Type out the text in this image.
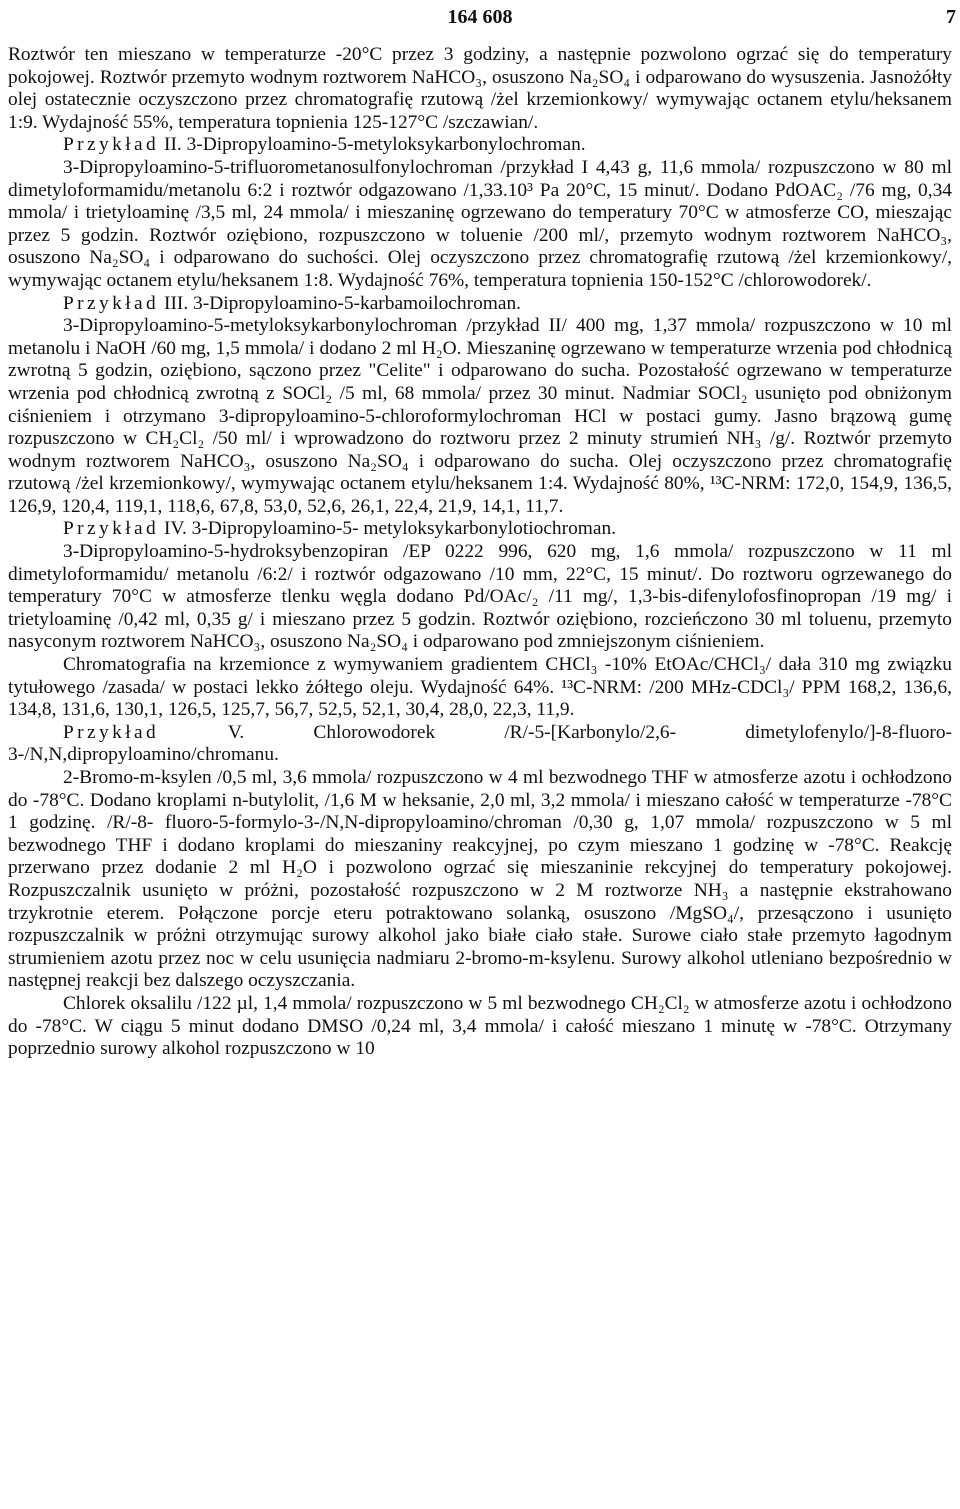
164 608	7

Roztwór ten mieszano w temperaturze -20°C przez 3 godziny, a następnie pozwolono ogrzać się do temperatury pokojowej. Roztwór przemyto wodnym roztworem NaHCO₃, osuszono Na₂SO₄ i odparowano do wysuszenia. Jasnożółty olej ostatecznie oczyszczono przez chromatografię rzutową /żel krzemionkowy/ wymywając octanem etylu/heksanem 1:9. Wydajność 55%, temperatura topnienia 125-127°C /szczawian/.

Przykład II. 3-Dipropyloamino-5-metyloksykarbonylochroman.

3-Dipropyloamino-5-trifluorometanosulfonylochroman /przykład I 4,43 g, 11,6 mmola/ rozpuszczono w 80 ml dimetyloformamidu/metanolu 6:2 i roztwór odgazowano /1,33.10³ Pa 20°C, 15 minut/. Dodano PdOAC₂ /76 mg, 0,34 mmola/ i trietyloaminę /3,5 ml, 24 mmola/ i mieszaninę ogrzewano do temperatury 70°C w atmosferze CO, mieszając przez 5 godzin. Roztwór oziębiono, rozpuszczono w toluenie /200 ml/, przemyto wodnym roztworem NaHCO₃, osuszono Na₂SO₄ i odparowano do suchości. Olej oczyszczono przez chromatografię rzutową /żel krzemionkowy/, wymywając octanem etylu/heksanem 1:8. Wydajność 76%, temperatura topnienia 150-152°C /chlorowodorek/.

Przykład III. 3-Dipropyloamino-5-karbamoilochroman.

3-Dipropyloamino-5-metyloksykarbonylochroman /przykład II/ 400 mg, 1,37 mmola/ rozpuszczono w 10 ml metanolu i NaOH /60 mg, 1,5 mmola/ i dodano 2 ml H₂O. Mieszaninę ogrzewano w temperaturze wrzenia pod chłodnicą zwrotną 5 godzin, oziębiono, sączono przez "Celite" i odparowano do sucha. Pozostałość ogrzewano w temperaturze wrzenia pod chłodnicą zwrotną z SOCl₂ /5 ml, 68 mmola/ przez 30 minut. Nadmiar SOCl₂ usunięto pod obniżonym ciśnieniem i otrzymano 3-dipropyloamino-5-chloroformylochroman HCl w postaci gumy. Jasno brązową gumę rozpuszczono w CH₂Cl₂ /50 ml/ i wprowadzono do roztworu przez 2 minuty strumień NH₃ /g/. Roztwór przemyto wodnym roztworem NaHCO₃, osuszono Na₂SO₄ i odparowano do sucha. Olej oczyszczono przez chromatografię rzutową /żel krzemionkowy/, wymywając octanem etylu/heksanem 1:4. Wydajność 80%, ¹³C-NRM: 172,0, 154,9, 136,5, 126,9, 120,4, 119,1, 118,6, 67,8, 53,0, 52,6, 26,1, 22,4, 21,9, 14,1, 11,7.

Przykład IV. 3-Dipropyloamino-5- metyloksykarbonylotiochroman.

3-Dipropyloamino-5-hydroksybenzopiran /EP 0222 996, 620 mg, 1,6 mmola/ rozpuszczono w 11 ml dimetyloformamidu/ metanolu /6:2/ i roztwór odgazowano /10 mm, 22°C, 15 minut/. Do roztworu ogrzewanego do temperatury 70°C w atmosferze tlenku węgla dodano Pd/OAc/₂ /11 mg/, 1,3-bis-difenylofosfinopropan /19 mg/ i trietyloaminę /0,42 ml, 0,35 g/ i mieszano przez 5 godzin. Roztwór oziębiono, rozcieńczono 30 ml toluenu, przemyto nasyconym roztworem NaHCO₃, osuszono Na₂SO₄ i odparowano pod zmniejszonym ciśnieniem.

Chromatografia na krzemionce z wymywaniem gradientem CHCl₃ -10% EtOAc/CHCl₃/ dała 310 mg związku tytułowego /zasada/ w postaci lekko żółtego oleju. Wydajność 64%. ¹³C-NRM: /200 MHz-CDCl₃/ PPM 168,2, 136,6, 134,8, 131,6, 130,1, 126,5, 125,7, 56,7, 52,5, 52,1, 30,4, 28,0, 22,3, 11,9.

Przykład V. Chlorowodorek /R/-5-[Karbonylo/2,6- dimetylofenylo/]-8-fluoro-3-/N,N,dipropyloamino/chromanu.

2-Bromo-m-ksylen /0,5 ml, 3,6 mmola/ rozpuszczono w 4 ml bezwodnego THF w atmosferze azotu i ochłodzono do -78°C. Dodano kroplami n-butylolit, /1,6 M w heksanie, 2,0 ml, 3,2 mmola/ i mieszano całość w temperaturze -78°C 1 godzinę. /R/-8- fluoro-5-formylo-3-/N,N-dipropyloamino/chroman /0,30 g, 1,07 mmola/ rozpuszczono w 5 ml bezwodnego THF i dodano kroplami do mieszaniny reakcyjnej, po czym mieszano 1 godzinę w -78°C. Reakcję przerwano przez dodanie 2 ml H₂O i pozwolono ogrzać się mieszaninie rekcyjnej do temperatury pokojowej. Rozpuszczalnik usunięto w próżni, pozostałość rozpuszczono w 2 M roztworze NH₃ a następnie ekstrahowano trzykrotnie eterem. Połączone porcje eteru potraktowano solanką, osuszono /MgSO₄/, przesączono i usunięto rozpuszczalnik w próżni otrzymując surowy alkohol jako białe ciało stałe. Surowe ciało stałe przemyto łagodnym strumieniem azotu przez noc w celu usunięcia nadmiaru 2-bromo-m-ksylenu. Surowy alkohol utleniano bezpośrednio w następnej reakcji bez dalszego oczyszczania.

Chlorek oksalilu /122 µl, 1,4 mmola/ rozpuszczono w 5 ml bezwodnego CH₂Cl₂ w atmosferze azotu i ochłodzono do -78°C. W ciągu 5 minut dodano DMSO /0,24 ml, 3,4 mmola/ i całość mieszano 1 minutę w -78°C. Otrzymany poprzednio surowy alkohol rozpuszczono w 10
